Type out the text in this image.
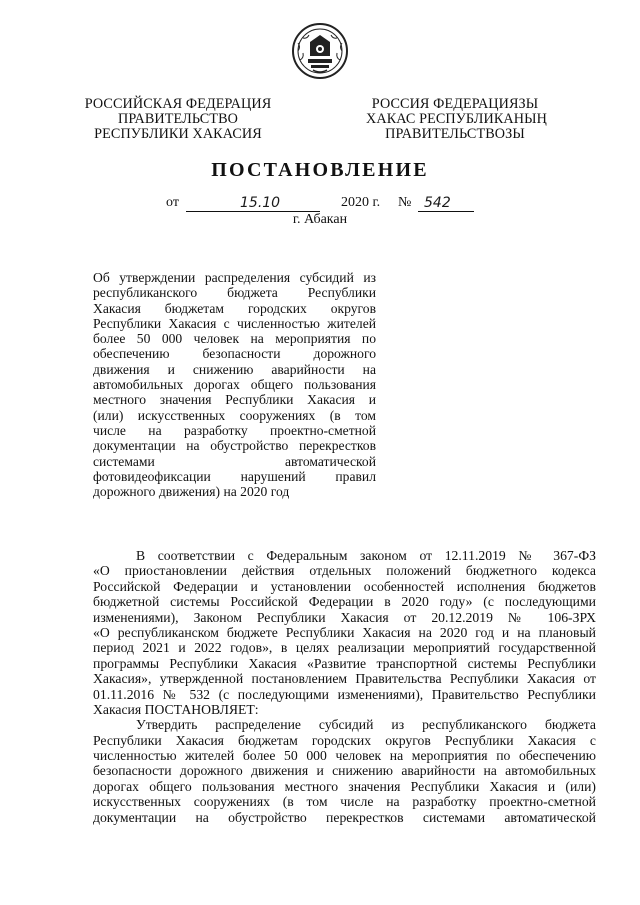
РОССИЙСКАЯ ФЕДЕРАЦИЯ
ПРАВИТЕЛЬСТВО
РЕСПУБЛИКИ ХАКАСИЯ
РОССИЯ ФЕДЕРАЦИЯЗЫ
ХАКАС РЕСПУБЛИКАНЫҢ
ПРАВИТЕЛЬСТВОЗЫ
ПОСТАНОВЛЕНИЕ
от	15.10	2020 г. № 542
г. Абакан
Об утверждении распределения субсидий из
республиканского бюджета Республики
Хакасия бюджетам городских округов
Республики Хакасия с численностью жителей
более 50 000 человек на мероприятия по
обеспечению безопасности дорожного
движения и снижению аварийности на
автомобильных дорогах общего пользования
местного значения Республики Хакасия и
(или) искусственных сооружениях (в том
числе на разработку проектно-сметной
документации на обустройство перекрестков
системами автоматической
фотовидеофиксации нарушений правил
дорожного движения) на 2020 год
В соответствии с Федеральным законом от 12.11.2019 № 367-ФЗ
«О приостановлении действия отдельных положений бюджетного кодекса
Российской Федерации и установлении особенностей исполнения бюджетов
бюджетной системы Российской Федерации в 2020 году» (с последующими
изменениями), Законом Республики Хакасия от 20.12.2019 № 106-ЗРХ
«О республиканском бюджете Республики Хакасия на 2020 год и на плановый
период 2021 и 2022 годов», в целях реализации мероприятий государственной
программы Республики Хакасия «Развитие транспортной системы Республики
Хакасия», утвержденной постановлением Правительства Республики Хакасия от
01.11.2016 № 532 (с последующими изменениями), Правительство Республики
Хакасия ПОСТАНОВЛЯЕТ:
Утвердить распределение субсидий из республиканского бюджета
Республики Хакасия бюджетам городских округов Республики Хакасия с
численностью жителей более 50 000 человек на мероприятия по обеспечению
безопасности дорожного движения и снижению аварийности на автомобильных
дорогах общего пользования местного значения Республики Хакасия и (или)
искусственных сооружениях (в том числе на разработку проектно-сметной
документации на обустройство перекрестков системами автоматической
